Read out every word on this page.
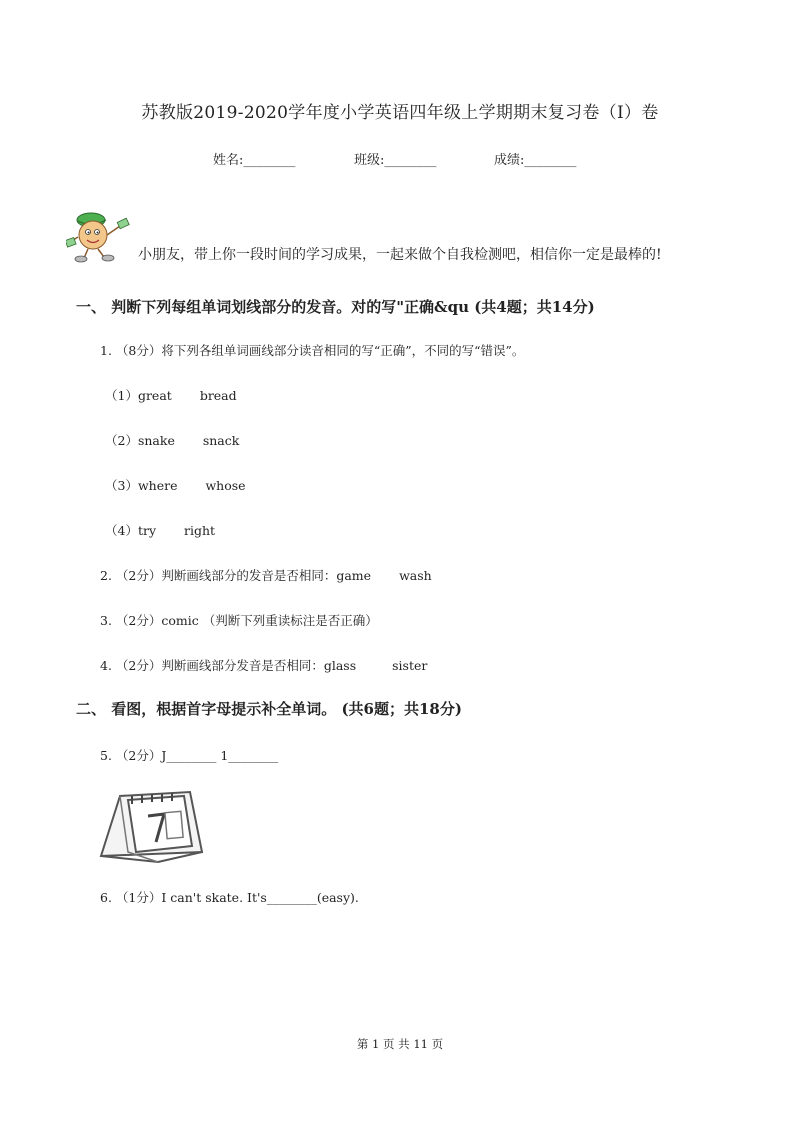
苏教版2019-2020学年度小学英语四年级上学期期末复习卷（I）卷
姓名:________	班级:________	成绩:________
小朋友，带上你一段时间的学习成果，一起来做个自我检测吧，相信你一定是最棒的!
一、 判断下列每组单词划线部分的发音。对的写"正确&qu (共4题；共14分)
1. （8分）将下列各组单词画线部分读音相同的写“正确”，不同的写“错误”。
（1）great bread
（2）snake snack
（3）where whose
（4）try right
2. （2分）判断画线部分的发音是否相同：game wash
3. （2分）comic （判断下列重读标注是否正确）
4. （2分）判断画线部分发音是否相同：glass	sister
二、 看图，根据首字母提示补全单词。 (共6题；共18分)
5. （2分）J________ 1________
6. （1分）I can't skate. It's________(easy).
第 1 页 共 11 页
